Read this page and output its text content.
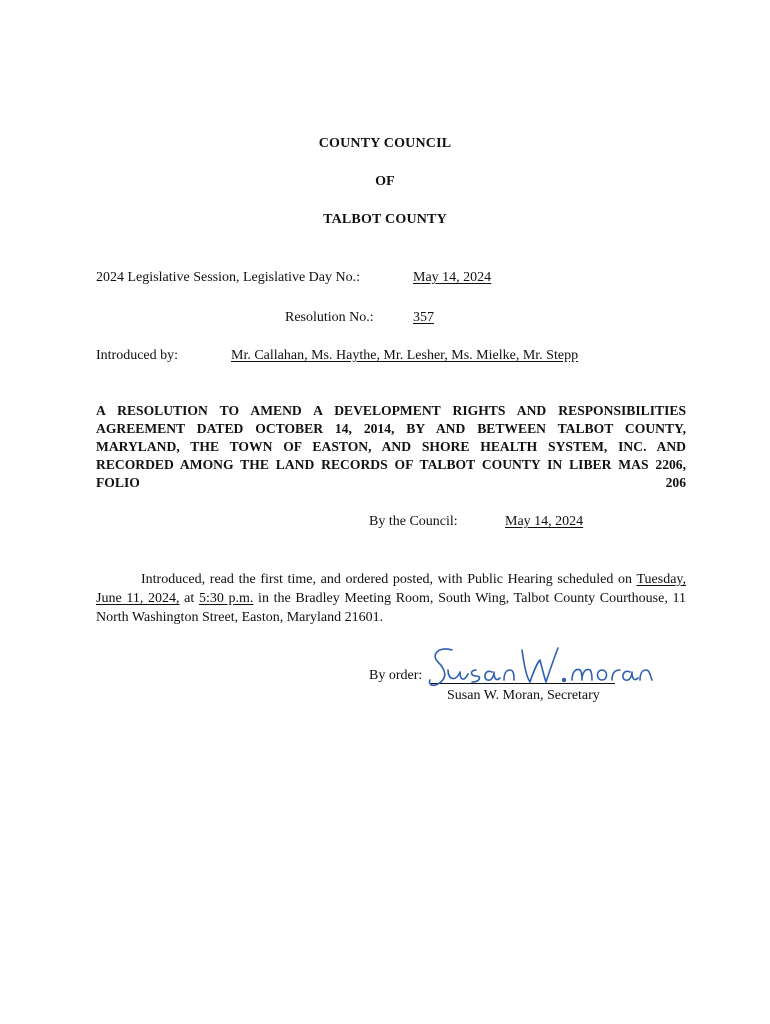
COUNTY COUNCIL
OF
TALBOT COUNTY
2024 Legislative Session, Legislative Day No.:	May 14, 2024
Resolution No.:	357
Introduced by:	Mr. Callahan, Ms. Haythe, Mr. Lesher, Ms. Mielke, Mr. Stepp
A RESOLUTION TO AMEND A DEVELOPMENT RIGHTS AND RESPONSIBILITIES AGREEMENT DATED OCTOBER 14, 2014, BY AND BETWEEN TALBOT COUNTY, MARYLAND, THE TOWN OF EASTON, AND SHORE HEALTH SYSTEM, INC. AND RECORDED AMONG THE LAND RECORDS OF TALBOT COUNTY IN LIBER MAS 2206, FOLIO 206
By the Council:	May 14, 2024
Introduced, read the first time, and ordered posted, with Public Hearing scheduled on Tuesday, June 11, 2024, at 5:30 p.m. in the Bradley Meeting Room, South Wing, Talbot County Courthouse, 11 North Washington Street, Easton, Maryland 21601.
By order:
Susan W. Moran, Secretary
